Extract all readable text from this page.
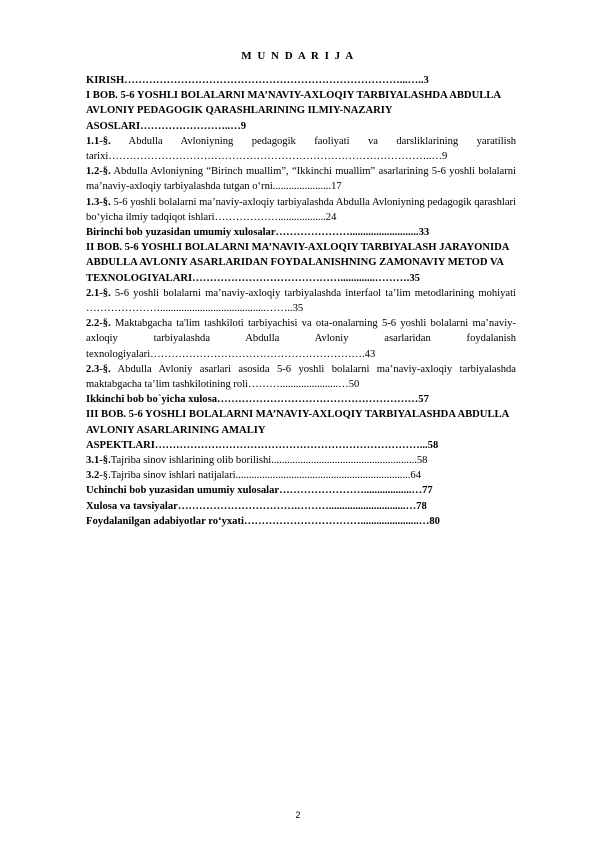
M U N D A R I J A

KIRISH……………………………………………………………………...…..3

I BOB. 5-6 YOSHLI BOLALARNI MA’NAVIY-AXLOQIY TARBIYALASHDA ABDULLA AVLONIY PEDAGOGIK QARASHLARINING ILMIY-NAZARIY ASOSLARI……………………..…9

1.1-§. Abdulla Avloniyning pedagogik faoliyati va darsliklarining yaratilish tarixi………………………………………………………………………………..…9

1.2-§. Abdulla Avloniyning “Birinch muallim”, “Ikkinchi muallim” asarlarining 5-6 yoshli bolalarni ma’naviy-axloqiy tarbiyalashda tutgan o‘rni......................17

1.3-§. 5-6 yoshli bolalarni ma’naviy-axloqiy tarbiyalashda Abdulla Avloniyning pedagogik qarashlari bo‘yicha ilmiy tadqiqot ishlari………………..................24

Birinchi bob yuzasidan umumiy xulosalar…………………..........................33

II BOB. 5-6 YOSHLI BOLALARNI MA’NAVIY-AXLOQIY TARBIYALASH JARAYONIDA ABDULLA AVLONIY ASARLARIDAN FOYDALANISHNING ZAMONAVIY METOD VA TEXNOLOGIYALARI…………………………………….............……….35

2.1-§. 5-6 yoshli bolalarni ma’naviy-axloqiy tarbiyalashda interfaol ta’lim metodlarining mohiyati …………………........................................……..35

2.2-§. Maktabgacha ta'lim tashkiloti tarbiyachisi va ota-onalarning 5-6 yoshli bolalarni ma’naviy-axloqiy tarbiyalashda Abdulla Avloniy asarlaridan foydalanish texnologiyalari…………………………………………………….43

2.3-§. Abdulla Avloniy asarlari asosida 5-6 yoshli bolalarni ma’naviy-axloqiy tarbiyalashda maktabgacha ta’lim tashkilotining roli………......................…50

Ikkinchi bob bo`yicha xulosa…………………………………………………57

III BOB. 5-6 YOSHLI BOLALARNI MA’NAVIY-AXLOQIY TARBIYALASHDA ABDULLA AVLONIY ASARLARINING AMALIY ASPEKTLARI…………………………………………………………………...58

3.1-§.Tajriba sinov ishlarining olib borilishi.......................................................58

3.2-§.Tajriba sinov ishlari natijalari..................................................................64

Uchinchi bob yuzasidan umumiy xulosalar……………………..................…77

Xulosa va tavsiyalar…………………………….……….............................…78

Foydalanilgan adabiyotlar ro‘yxati……………………………......................…80

2
